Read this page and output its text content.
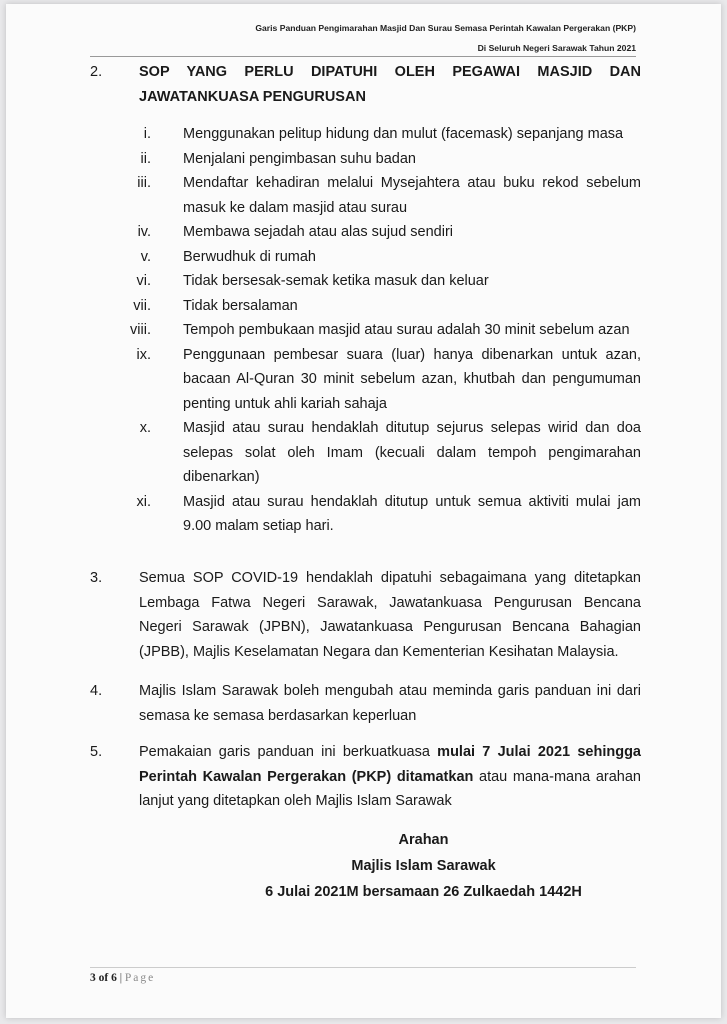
Garis Panduan Pengimarahan Masjid Dan Surau Semasa Perintah Kawalan Pergerakan (PKP)
Di Seluruh Negeri Sarawak Tahun 2021
2.	SOP YANG PERLU DIPATUHI OLEH PEGAWAI MASJID DAN
JAWATANKUASA PENGURUSAN
i. Menggunakan pelitup hidung dan mulut (facemask) sepanjang masa
ii. Menjalani pengimbasan suhu badan
iii. Mendaftar kehadiran melalui Mysejahtera atau buku rekod sebelum
masuk ke dalam masjid atau surau
iv. Membawa sejadah atau alas sujud sendiri
v. Berwudhuk di rumah
vi. Tidak bersesak-semak ketika masuk dan keluar
vii. Tidak bersalaman
viii. Tempoh pembukaan masjid atau surau adalah 30 minit sebelum azan
ix. Penggunaan pembesar suara (luar) hanya dibenarkan untuk azan,
bacaan Al-Quran 30 minit sebelum azan, khutbah dan pengumuman
penting untuk ahli kariah sahaja
x. Masjid atau surau hendaklah ditutup sejurus selepas wirid dan doa
selepas solat oleh Imam (kecuali dalam tempoh pengimarahan
dibenarkan)
xi. Masjid atau surau hendaklah ditutup untuk semua aktiviti mulai jam
9.00 malam setiap hari.
3.	Semua SOP COVID-19 hendaklah dipatuhi sebagaimana yang ditetapkan
Lembaga Fatwa Negeri Sarawak, Jawatankuasa Pengurusan Bencana
Negeri Sarawak (JPBN), Jawatankuasa Pengurusan Bencana Bahagian
(JPBB), Majlis Keselamatan Negara dan Kementerian Kesihatan Malaysia.
4.	Majlis Islam Sarawak boleh mengubah atau meminda garis panduan ini dari
semasa ke semasa berdasarkan keperluan
5.	Pemakaian garis panduan ini berkuatkuasa mulai 7 Julai 2021 sehingga
Perintah Kawalan Pergerakan (PKP) ditamatkan atau mana-mana arahan
lanjut yang ditetapkan oleh Majlis Islam Sarawak
Arahan
Majlis Islam Sarawak
6 Julai 2021M bersamaan 26 Zulkaedah 1442H
3 of 6 | Page
